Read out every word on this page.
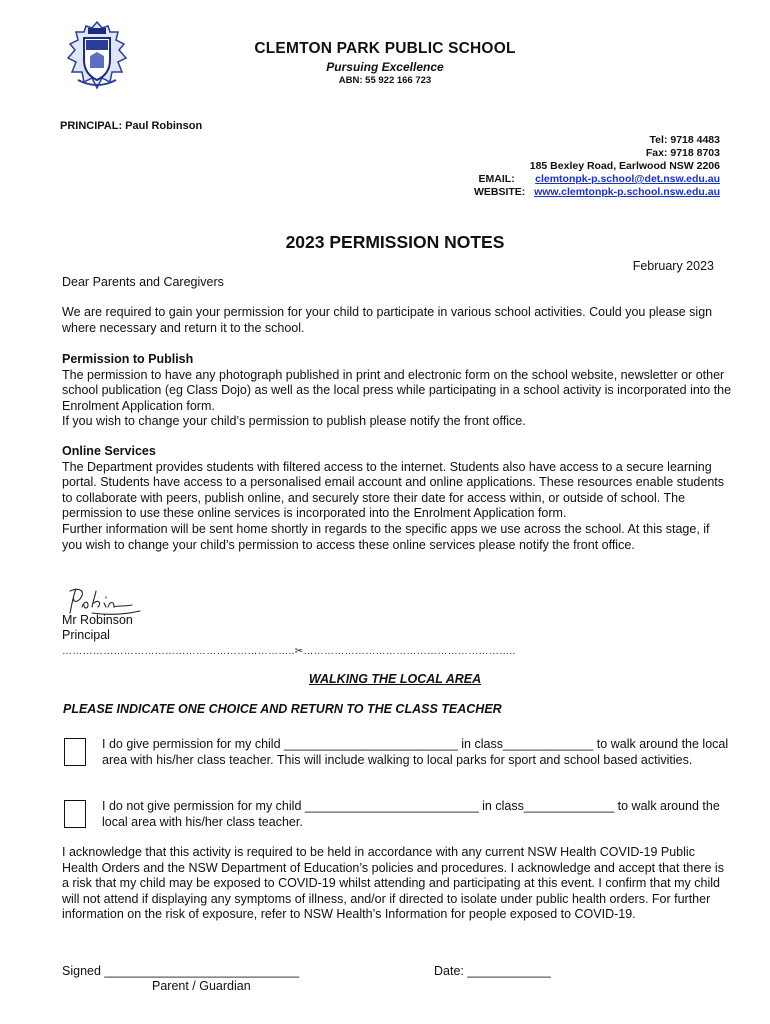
CLEMTON PARK PUBLIC SCHOOL
Pursuing Excellence
ABN: 55 922 166 723
PRINCIPAL: Paul Robinson
Tel: 9718 4483
Fax: 9718 8703
185 Bexley Road, Earlwood NSW 2206
EMAIL: clemtonpk-p.school@det.nsw.edu.au
WEBSITE: www.clemtonpk-p.school.nsw.edu.au
2023 PERMISSION NOTES
February 2023
Dear Parents and Caregivers
We are required to gain your permission for your child to participate in various school activities. Could you please sign where necessary and return it to the school.

Permission to Publish

The permission to have any photograph published in print and electronic form on the school website, newsletter or other school publication (eg Class Dojo) as well as the local press while participating in a school activity is incorporated into the Enrolment Application form.

If you wish to change your child’s permission to publish please notify the front office.

Online Services

The Department provides students with filtered access to the internet. Students also have access to a secure learning portal. Students have access to a personalised email account and online applications. These resources enable students to collaborate with peers, publish online, and securely store their date for access within, or outside of school. The permission to use these online services is incorporated into the Enrolment Application form.

Further information will be sent home shortly in regards to the specific apps we use across the school. At this stage, if you wish to change your child’s permission to access these online services please notify the front office.

Mr Robinson
Principal
…………………………………………………………..✂……………………………………………………..
WALKING THE LOCAL AREA
PLEASE INDICATE ONE CHOICE AND RETURN TO THE CLASS TEACHER
I do give permission for my child _________________________ in class_____________ to walk around the local area with his/her class teacher. This will include walking to local parks for sport and school based activities.
I do not give permission for my child _________________________ in class_____________ to walk around the local area with his/her class teacher.
I acknowledge that this activity is required to be held in accordance with any current NSW Health COVID-19 Public Health Orders and the NSW Department of Education’s policies and procedures. I acknowledge and accept that there is a risk that my child may be exposed to COVID-19 whilst attending and participating at this event. I confirm that my child will not attend if displaying any symptoms of illness, and/or if directed to isolate under public health orders. For further information on the risk of exposure, refer to NSW Health’s Information for people exposed to COVID-19.
Signed ____________________________
Parent / Guardian
Date: ____________
